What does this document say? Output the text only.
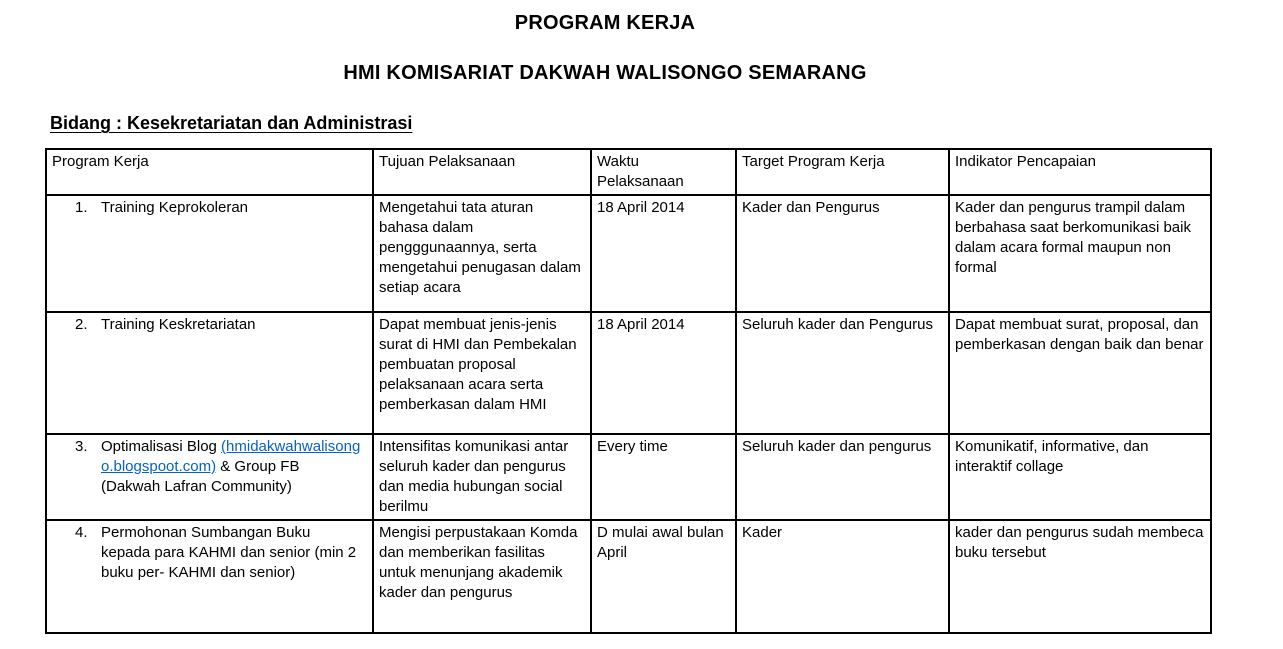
PROGRAM KERJA
HMI KOMISARIAT DAKWAH WALISONGO SEMARANG
Bidang : Kesekretariatan dan Administrasi
Program Kerja	Tujuan Pelaksanaan	Waktu Pelaksanaan	Target Program Kerja	Indikator Pencapaian

1. Training Keprokoleran	Mengetahui tata aturan bahasa dalam pengggunaannya, serta mengetahui penugasan dalam setiap acara	18 April 2014	Kader dan Pengurus	Kader dan pengurus trampil dalam berbahasa saat berkomunikasi baik dalam acara formal maupun non formal

2. Training Keskretariatan	Dapat membuat jenis-jenis surat di HMI dan Pembekalan pembuatan proposal pelaksanaan acara serta pemberkasan dalam HMI	18 April 2014	Seluruh kader dan Pengurus	Dapat membuat surat, proposal, dan pemberkasan dengan baik dan benar

3. Optimalisasi Blog (hmidakwahwalisongo.blogspoot.com) & Group FB (Dakwah Lafran Community)	Intensifitas komunikasi antar seluruh kader dan pengurus dan media hubungan social berilmu	Every time	Seluruh kader dan pengurus	Komunikatif, informative, dan interaktif collage

4. Permohonan Sumbangan Buku kepada para KAHMI dan senior (min 2 buku per- KAHMI dan senior)	Mengisi perpustakaan Komda dan memberikan fasilitas untuk menunjang akademik kader dan pengurus	D mulai awal bulan April	Kader	kader dan pengurus sudah membeca buku tersebut
